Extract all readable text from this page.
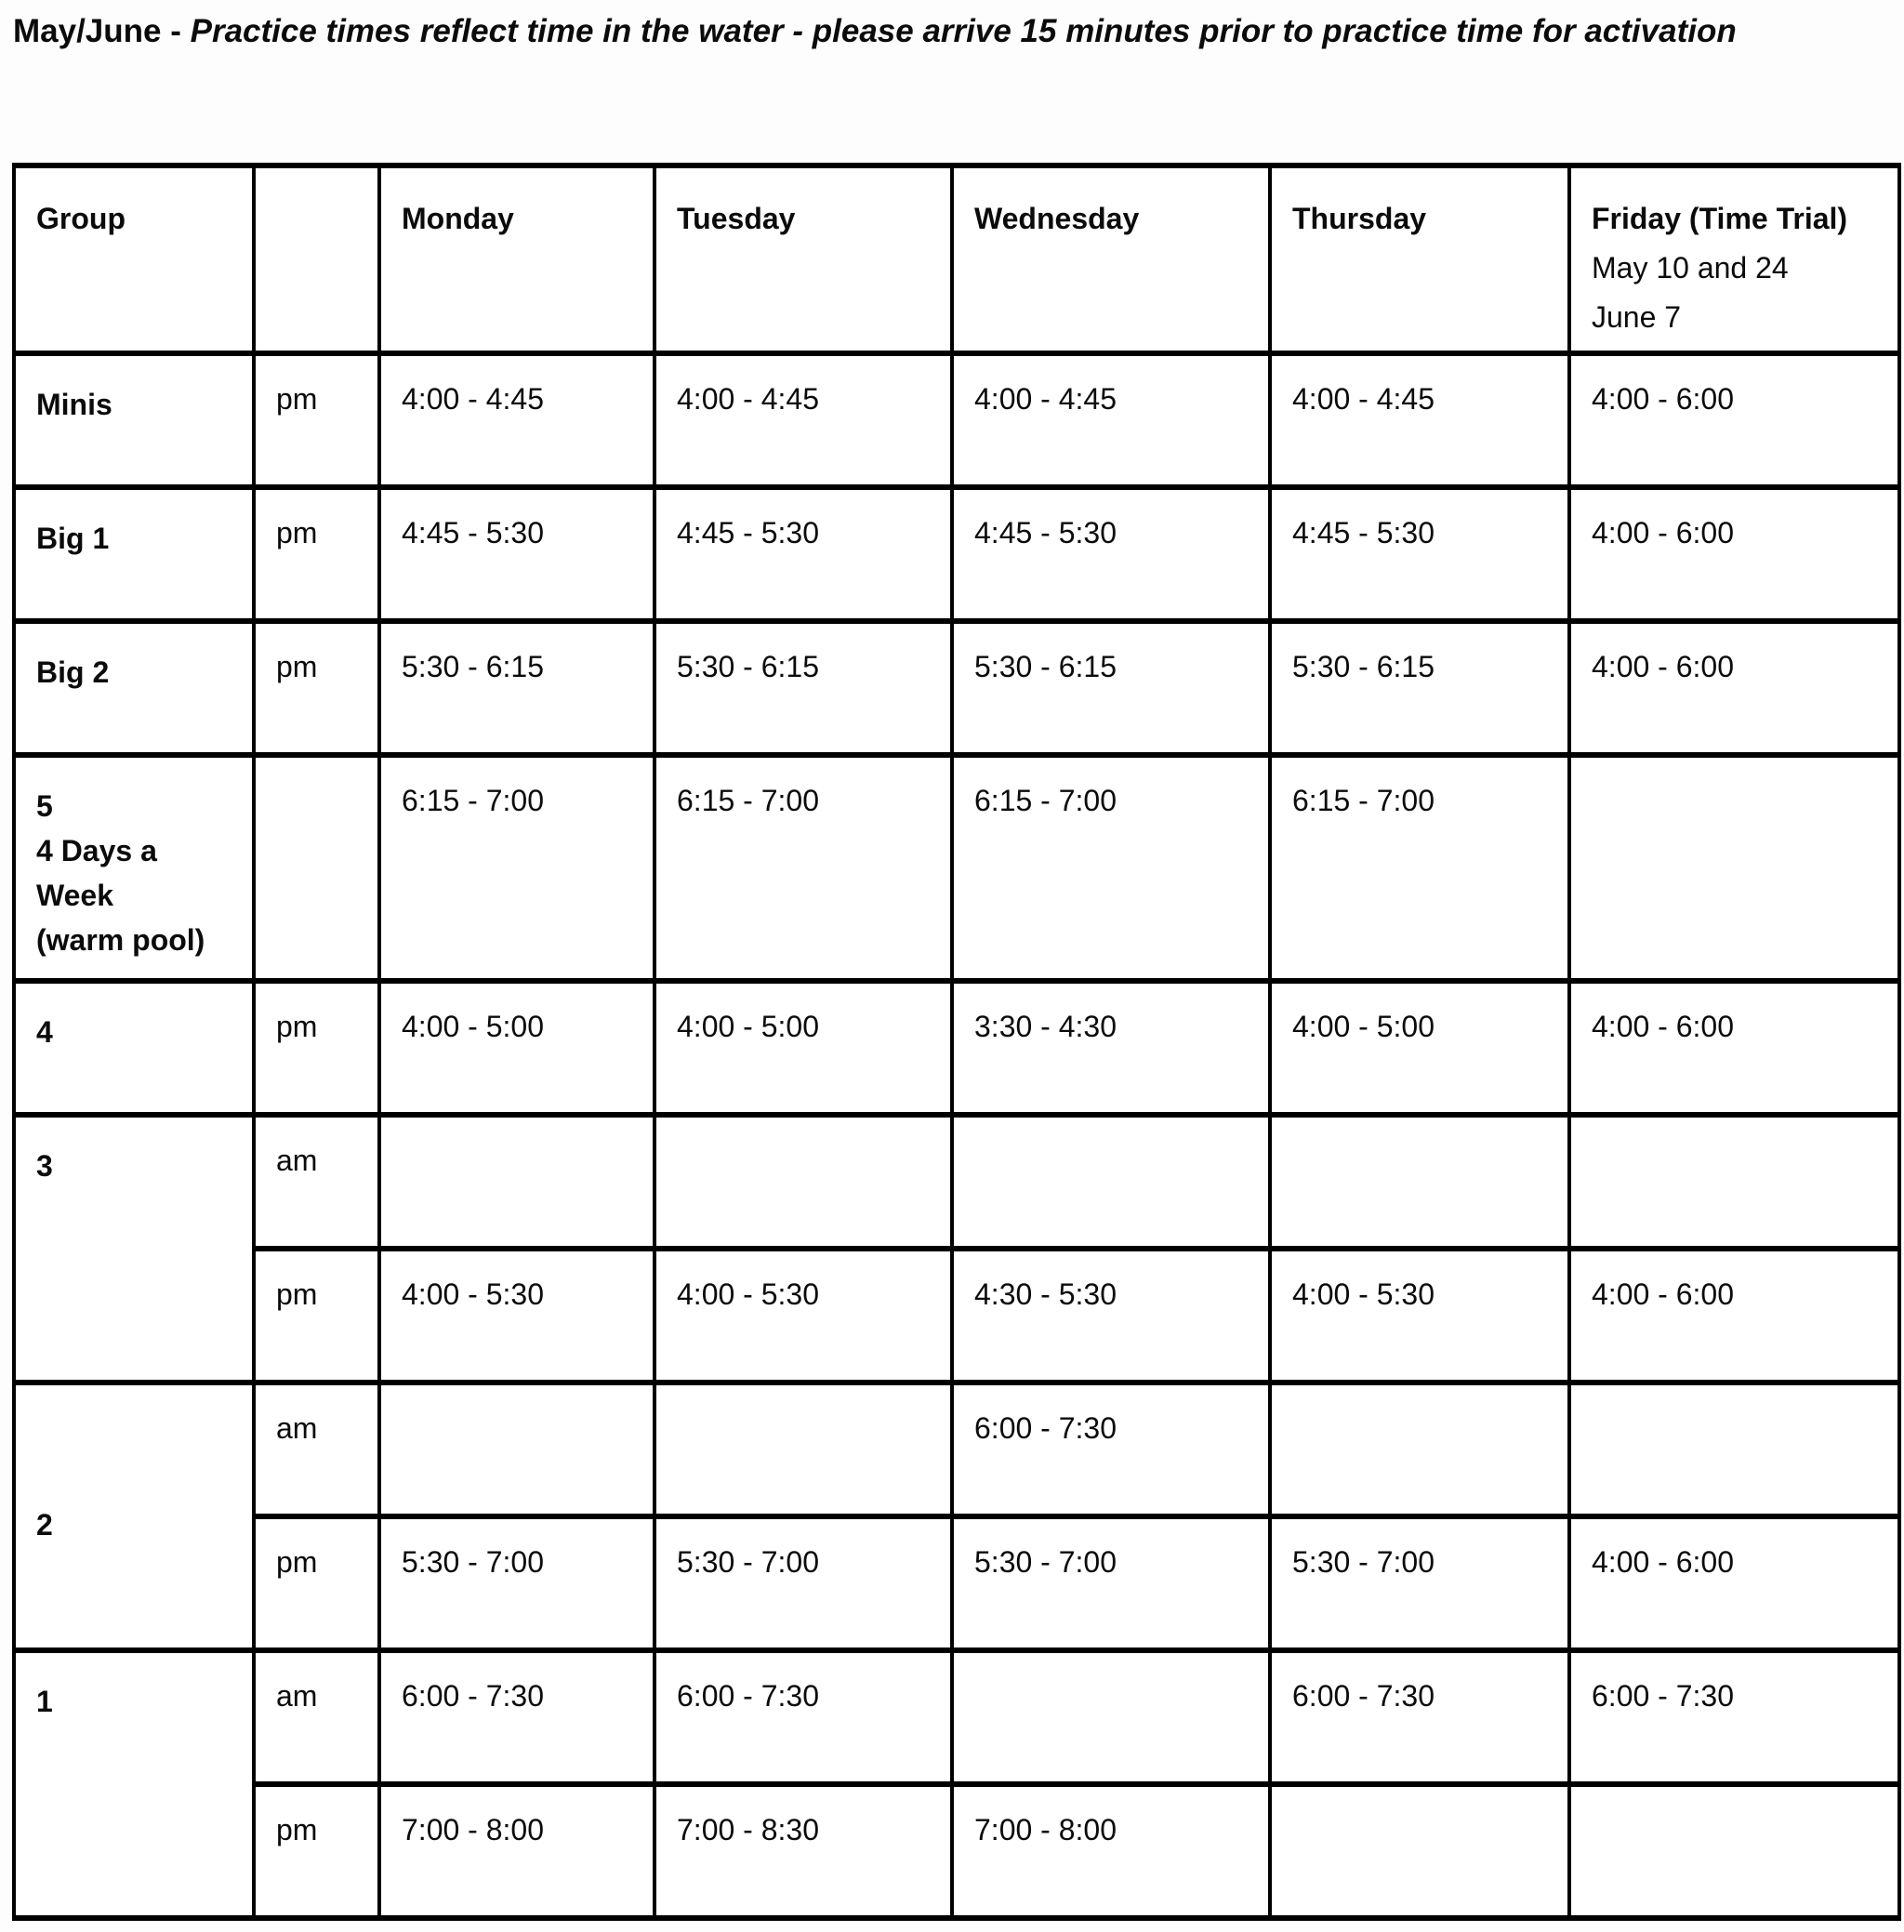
May/June - Practice times reflect time in the water - please arrive 15 minutes prior to practice time for activation
Group		Monday	Tuesday	Wednesday	Thursday	Friday (Time Trial)
May 10 and 24
June 7

Minis	pm	4:00 - 4:45	4:00 - 4:45	4:00 - 4:45	4:00 - 4:45	4:00 - 6:00
Big 1	pm	4:45 - 5:30	4:45 - 5:30	4:45 - 5:30	4:45 - 5:30	4:00 - 6:00
Big 2	pm	5:30 - 6:15	5:30 - 6:15	5:30 - 6:15	5:30 - 6:15	4:00 - 6:00
5
4 Days a Week
(warm pool)		6:15 - 7:00	6:15 - 7:00	6:15 - 7:00	6:15 - 7:00	
4	pm	4:00 - 5:00	4:00 - 5:00	3:30 - 4:30	4:00 - 5:00	4:00 - 6:00
3	am					
	pm	4:00 - 5:30	4:00 - 5:30	4:30 - 5:30	4:00 - 5:30	4:00 - 6:00
2	am			6:00 - 7:30		
	pm	5:30 - 7:00	5:30 - 7:00	5:30 - 7:00	5:30 - 7:00	4:00 - 6:00
1	am	6:00 - 7:30	6:00 - 7:30		6:00 - 7:30	6:00 - 7:30
	pm	7:00 - 8:00	7:00 - 8:30	7:00 - 8:00		
